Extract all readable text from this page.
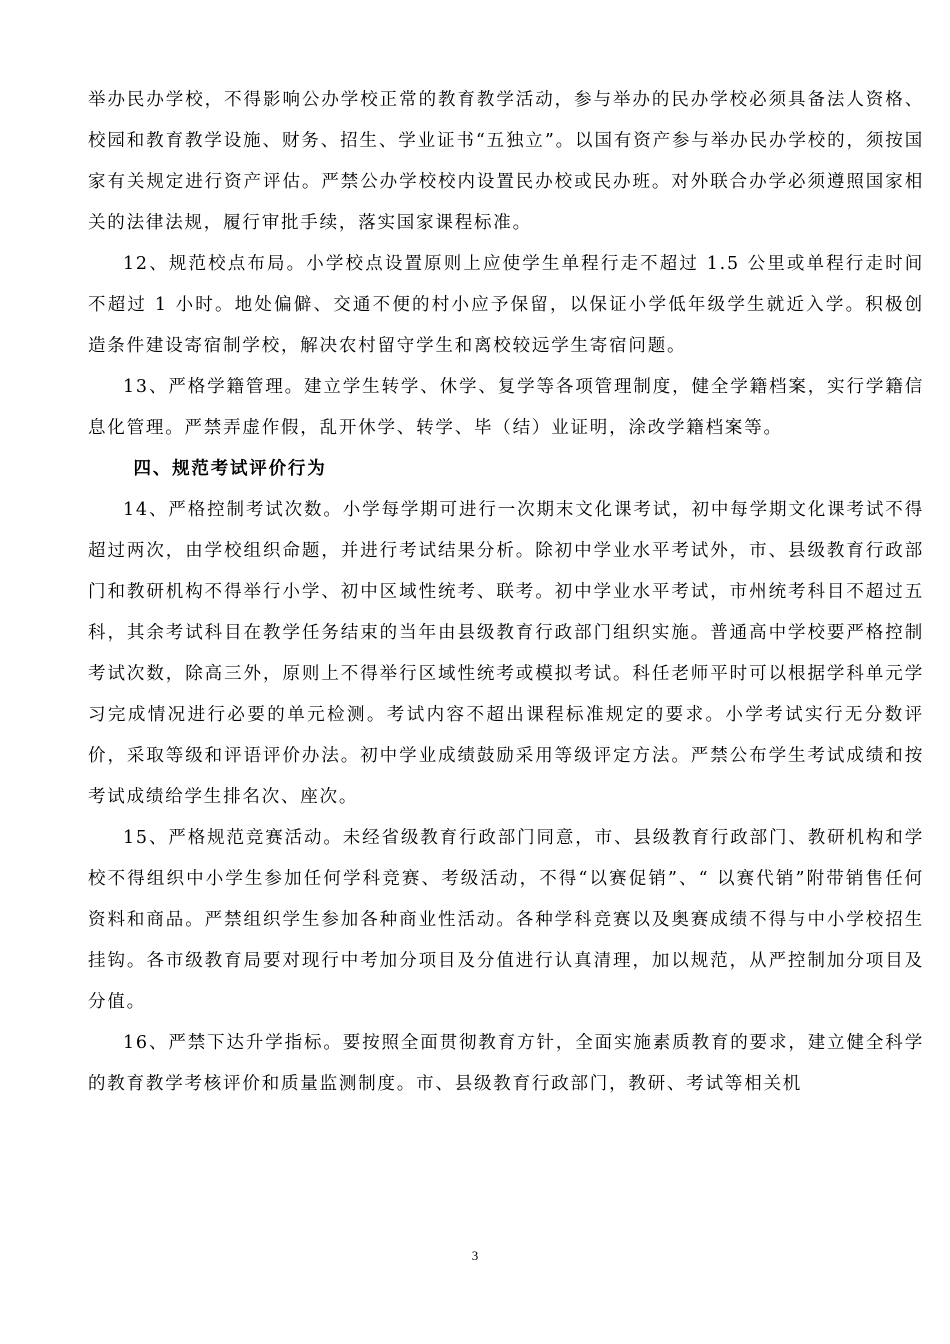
举办民办学校，不得影响公办学校正常的教育教学活动，参与举办的民办学校必须具备法人资格、校园和教育教学设施、财务、招生、学业证书“五独立”。以国有资产参与举办民办学校的，须按国家有关规定进行资产评估。严禁公办学校校内设置民办校或民办班。对外联合办学必须遵照国家相关的法律法规，履行审批手续，落实国家课程标准。

12、规范校点布局。小学校点设置原则上应使学生单程行走不超过 1.5 公里或单程行走时间不超过 1 小时。地处偏僻、交通不便的村小应予保留，以保证小学低年级学生就近入学。积极创造条件建设寄宿制学校，解决农村留守学生和离校较远学生寄宿问题。

13、严格学籍管理。建立学生转学、休学、复学等各项管理制度，健全学籍档案，实行学籍信息化管理。严禁弄虚作假，乱开休学、转学、毕（结）业证明，涂改学籍档案等。

四、规范考试评价行为

14、严格控制考试次数。小学每学期可进行一次期末文化课考试，初中每学期文化课考试不得超过两次，由学校组织命题，并进行考试结果分析。除初中学业水平考试外，市、县级教育行政部门和教研机构不得举行小学、初中区域性统考、联考。初中学业水平考试，市州统考科目不超过五科，其余考试科目在教学任务结束的当年由县级教育行政部门组织实施。普通高中学校要严格控制考试次数，除高三外，原则上不得举行区域性统考或模拟考试。科任老师平时可以根据学科单元学习完成情况进行必要的单元检测。考试内容不超出课程标准规定的要求。小学考试实行无分数评价，采取等级和评语评价办法。初中学业成绩鼓励采用等级评定方法。严禁公布学生考试成绩和按考试成绩给学生排名次、座次。

15、严格规范竞赛活动。未经省级教育行政部门同意，市、县级教育行政部门、教研机构和学校不得组织中小学生参加任何学科竞赛、考级活动，不得“以赛促销”、“ 以赛代销”附带销售任何资料和商品。严禁组织学生参加各种商业性活动。各种学科竞赛以及奥赛成绩不得与中小学校招生挂钩。各市级教育局要对现行中考加分项目及分值进行认真清理，加以规范，从严控制加分项目及分值。

16、严禁下达升学指标。要按照全面贯彻教育方针，全面实施素质教育的要求，建立健全科学的教育教学考核评价和质量监测制度。市、县级教育行政部门，教研、考试等相关机

3
